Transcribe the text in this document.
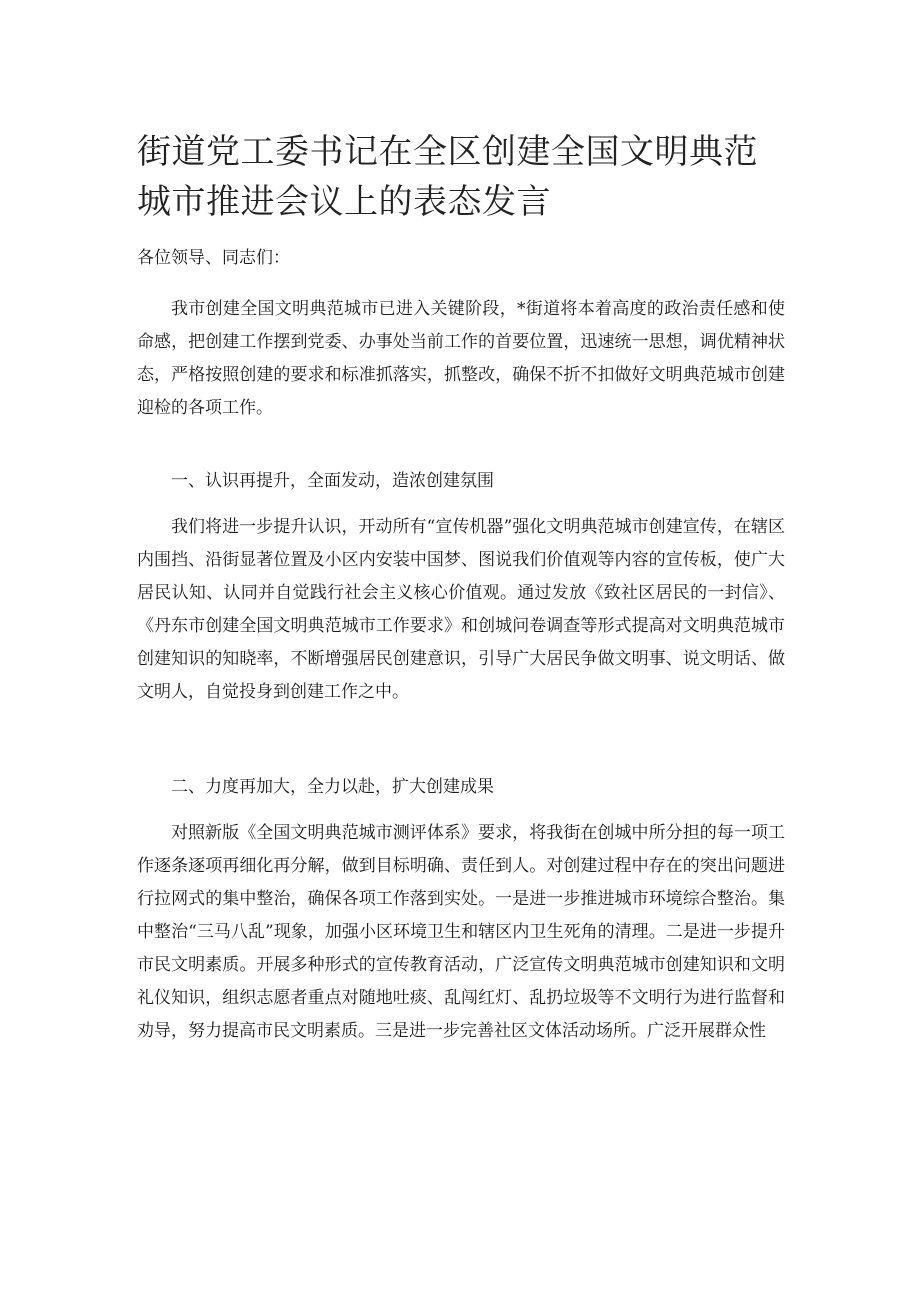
街道党工委书记在全区创建全国文明典范城市推进会议上的表态发言

各位领导、同志们：

我市创建全国文明典范城市已进入关键阶段，*街道将本着高度的政治责任感和使命感，把创建工作摆到党委、办事处当前工作的首要位置，迅速统一思想，调优精神状态，严格按照创建的要求和标准抓落实，抓整改，确保不折不扣做好文明典范城市创建迎检的各项工作。

一、认识再提升，全面发动，造浓创建氛围

我们将进一步提升认识，开动所有“宣传机器”强化文明典范城市创建宣传，在辖区内围挡、沿街显著位置及小区内安装中国梦、图说我们价值观等内容的宣传板，使广大居民认知、认同并自觉践行社会主义核心价值观。通过发放《致社区居民的一封信》、《丹东市创建全国文明典范城市工作要求》和创城问卷调查等形式提高对文明典范城市创建知识的知晓率，不断增强居民创建意识，引导广大居民争做文明事、说文明话、做文明人，自觉投身到创建工作之中。

二、力度再加大，全力以赴，扩大创建成果

对照新版《全国文明典范城市测评体系》要求，将我街在创城中所分担的每一项工作逐条逐项再细化再分解，做到目标明确、责任到人。对创建过程中存在的突出问题进行拉网式的集中整治，确保各项工作落到实处。一是进一步推进城市环境综合整治。集中整治“三马八乱”现象，加强小区环境卫生和辖区内卫生死角的清理。二是进一步提升市民文明素质。开展多种形式的宣传教育活动，广泛宣传文明典范城市创建知识和文明礼仪知识，组织志愿者重点对随地吐痰、乱闯红灯、乱扔垃圾等不文明行为进行监督和劝导，努力提高市民文明素质。三是进一步完善社区文体活动场所。广泛开展群众性
